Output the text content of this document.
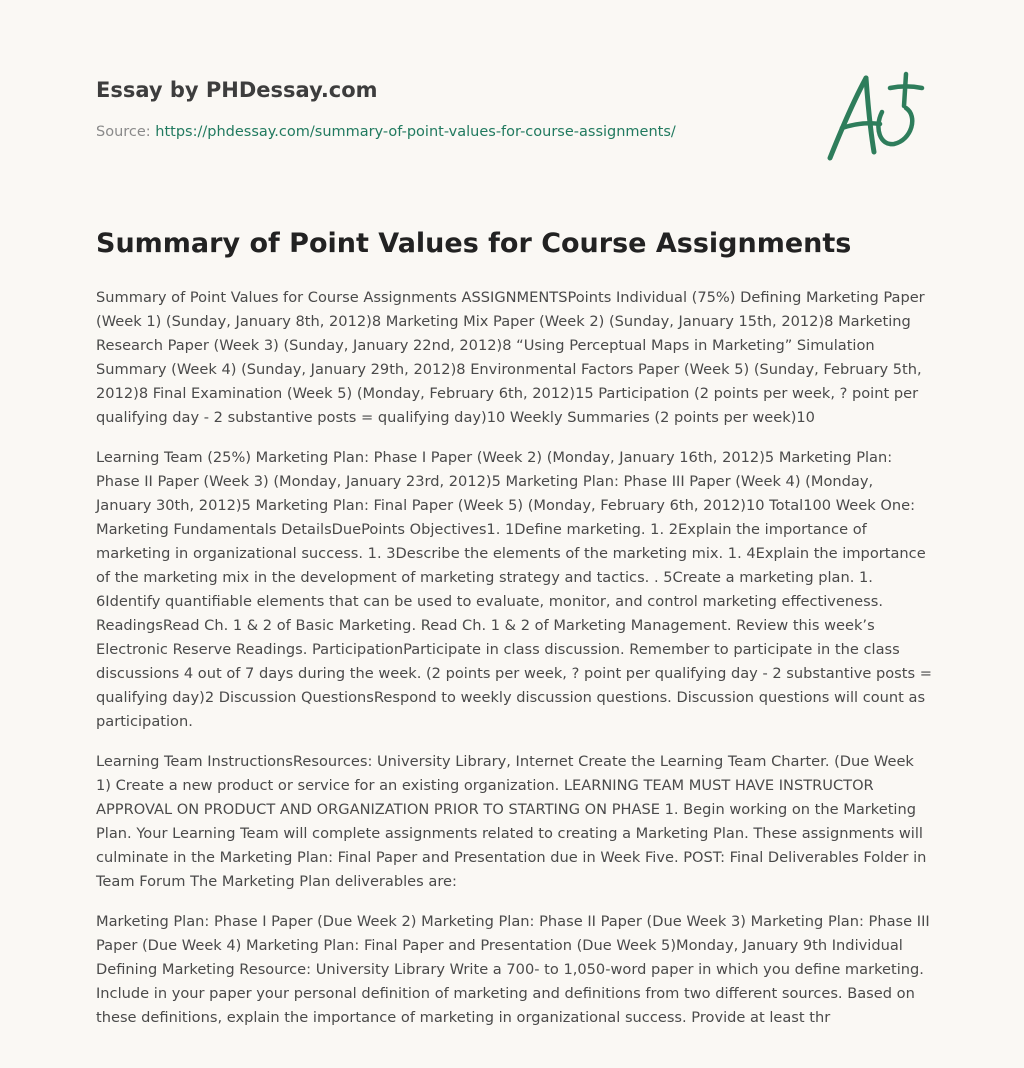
Essay by PHDessay.com
Source: https://phdessay.com/summary-of-point-values-for-course-assignments/
Summary of Point Values for Course Assignments

Summary of Point Values for Course Assignments ASSIGNMENTSPoints Individual (75%) Defining Marketing Paper (Week 1) (Sunday, January 8th, 2012)8 Marketing Mix Paper (Week 2) (Sunday, January 15th, 2012)8 Marketing Research Paper (Week 3) (Sunday, January 22nd, 2012)8 “Using Perceptual Maps in Marketing” Simulation Summary (Week 4) (Sunday, January 29th, 2012)8 Environmental Factors Paper (Week 5) (Sunday, February 5th, 2012)8 Final Examination (Week 5) (Monday, February 6th, 2012)15 Participation (2 points per week, ? point per qualifying day - 2 substantive posts = qualifying day)10 Weekly Summaries (2 points per week)10

Learning Team (25%) Marketing Plan: Phase I Paper (Week 2) (Monday, January 16th, 2012)5 Marketing Plan: Phase II Paper (Week 3) (Monday, January 23rd, 2012)5 Marketing Plan: Phase III Paper (Week 4) (Monday, January 30th, 2012)5 Marketing Plan: Final Paper (Week 5) (Monday, February 6th, 2012)10 Total100 Week One: Marketing Fundamentals DetailsDuePoints Objectives1. 1Define marketing. 1. 2Explain the importance of marketing in organizational success. 1. 3Describe the elements of the marketing mix. 1. 4Explain the importance of the marketing mix in the development of marketing strategy and tactics. . 5Create a marketing plan. 1. 6Identify quantifiable elements that can be used to evaluate, monitor, and control marketing effectiveness. ReadingsRead Ch. 1 & 2 of Basic Marketing. Read Ch. 1 & 2 of Marketing Management. Review this week’s Electronic Reserve Readings. ParticipationParticipate in class discussion. Remember to participate in the class discussions 4 out of 7 days during the week. (2 points per week, ? point per qualifying day - 2 substantive posts = qualifying day)2 Discussion QuestionsRespond to weekly discussion questions. Discussion questions will count as participation.

Learning Team InstructionsResources: University Library, Internet Create the Learning Team Charter. (Due Week 1) Create a new product or service for an existing organization. LEARNING TEAM MUST HAVE INSTRUCTOR APPROVAL ON PRODUCT AND ORGANIZATION PRIOR TO STARTING ON PHASE 1. Begin working on the Marketing Plan. Your Learning Team will complete assignments related to creating a Marketing Plan. These assignments will culminate in the Marketing Plan: Final Paper and Presentation due in Week Five. POST: Final Deliverables Folder in Team Forum The Marketing Plan deliverables are:

Marketing Plan: Phase I Paper (Due Week 2) Marketing Plan: Phase II Paper (Due Week 3) Marketing Plan: Phase III Paper (Due Week 4) Marketing Plan: Final Paper and Presentation (Due Week 5)Monday, January 9th Individual Defining Marketing Resource: University Library Write a 700- to 1,050-word paper in which you define marketing. Include in your paper your personal definition of marketing and definitions from two different sources. Based on these definitions, explain the importance of marketing in organizational success. Provide at least thr
